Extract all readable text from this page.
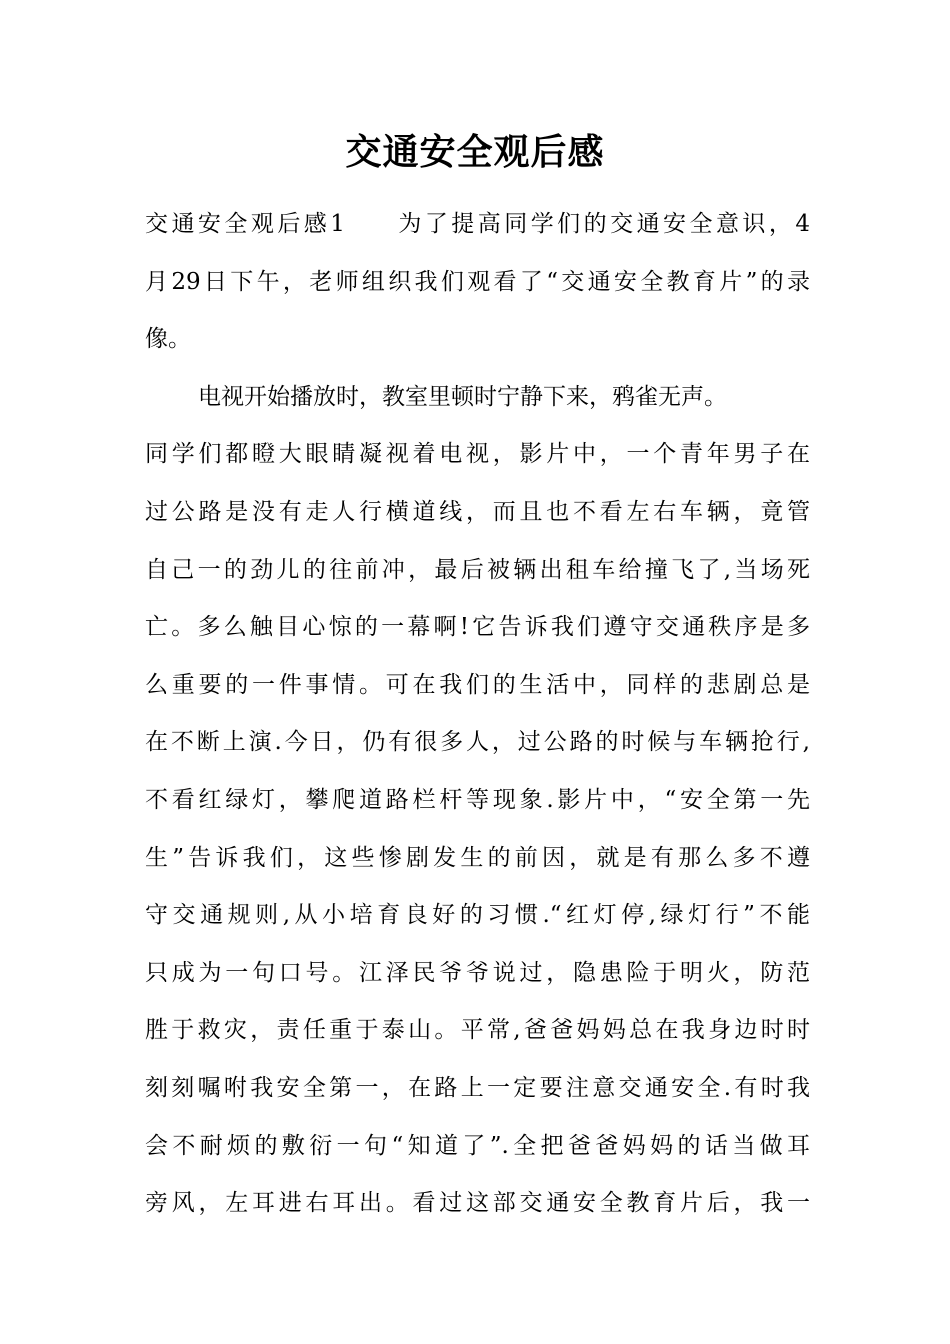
交通安全观后感
交通安全观后感1 为了提高同学们的交通安全意识，4
月29日下午，老师组织我们观看了“交通安全教育片”的录
像。
电视开始播放时，教室里顿时宁静下来，鸦雀无声。
同学们都瞪大眼睛凝视着电视，影片中，一个青年男子在
过公路是没有走人行横道线，而且也不看左右车辆，竟管
自己一的劲儿的往前冲，最后被辆出租车给撞飞了,当场死
亡。多么触目心惊的一幕啊!它告诉我们遵守交通秩序是多
么重要的一件事情。可在我们的生活中，同样的悲剧总是
在不断上演.今日，仍有很多人，过公路的时候与车辆抢行,
不看红绿灯，攀爬道路栏杆等现象.影片中，“安全第一先
生”告诉我们，这些惨剧发生的前因，就是有那么多不遵
守交通规则,从小培育良好的习惯.“红灯停,绿灯行”不能
只成为一句口号。江泽民爷爷说过，隐患险于明火，防范
胜于救灾，责任重于泰山。平常,爸爸妈妈总在我身边时时
刻刻嘱咐我安全第一，在路上一定要注意交通安全.有时我
会不耐烦的敷衍一句“知道了”.全把爸爸妈妈的话当做耳
旁风，左耳进右耳出。看过这部交通安全教育片后，我一
